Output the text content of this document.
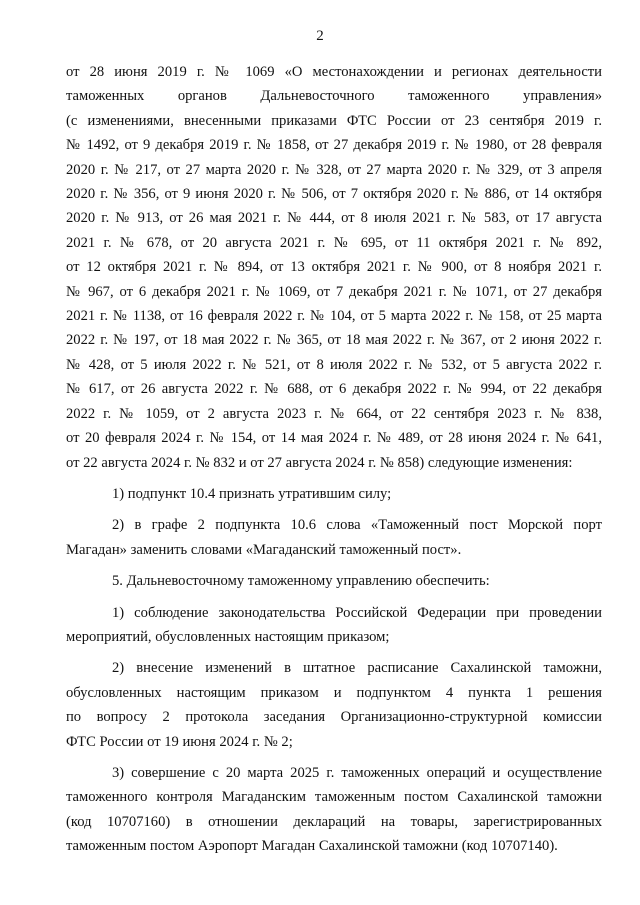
2
от 28 июня 2019 г. № 1069 «О местонахождении и регионах деятельности
таможенных органов Дальневосточного таможенного управления»
(с изменениями, внесенными приказами ФТС России от 23 сентября 2019 г.
№ 1492, от 9 декабря 2019 г. № 1858, от 27 декабря 2019 г. № 1980, от 28 февраля
2020 г. № 217, от 27 марта 2020 г. № 328, от 27 марта 2020 г. № 329, от 3 апреля
2020 г. № 356, от 9 июня 2020 г. № 506, от 7 октября 2020 г. № 886, от 14 октября
2020 г. № 913, от 26 мая 2021 г. № 444, от 8 июля 2021 г. № 583, от 17 августа
2021 г. № 678, от 20 августа 2021 г. № 695, от 11 октября 2021 г. № 892,
от 12 октября 2021 г. № 894, от 13 октября 2021 г. № 900, от 8 ноября 2021 г.
№ 967, от 6 декабря 2021 г. № 1069, от 7 декабря 2021 г. № 1071, от 27 декабря
2021 г. № 1138, от 16 февраля 2022 г. № 104, от 5 марта 2022 г. № 158, от 25 марта
2022 г. № 197, от 18 мая 2022 г. № 365, от 18 мая 2022 г. № 367, от 2 июня 2022 г.
№ 428, от 5 июля 2022 г. № 521, от 8 июля 2022 г. № 532, от 5 августа 2022 г.
№ 617, от 26 августа 2022 г. № 688, от 6 декабря 2022 г. № 994, от 22 декабря
2022 г. № 1059, от 2 августа 2023 г. № 664, от 22 сентября 2023 г. № 838,
от 20 февраля 2024 г. № 154, от 14 мая 2024 г. № 489, от 28 июня 2024 г. № 641,
от 22 августа 2024 г. № 832 и от 27 августа 2024 г. № 858) следующие изменения:
1) подпункт 10.4 признать утратившим силу;
2) в графе 2 подпункта 10.6 слова «Таможенный пост Морской порт
Магадан» заменить словами «Магаданский таможенный пост».
5. Дальневосточному таможенному управлению обеспечить:
1) соблюдение законодательства Российской Федерации при проведении
мероприятий, обусловленных настоящим приказом;
2) внесение изменений в штатное расписание Сахалинской таможни,
обусловленных настоящим приказом и подпунктом 4 пункта 1 решения
по вопросу 2 протокола заседания Организационно-структурной комиссии
ФТС России от 19 июня 2024 г. № 2;
3) совершение с 20 марта 2025 г. таможенных операций и осуществление
таможенного контроля Магаданским таможенным постом Сахалинской таможни
(код 10707160) в отношении деклараций на товары, зарегистрированных
таможенным постом Аэропорт Магадан Сахалинской таможни (код 10707140).
